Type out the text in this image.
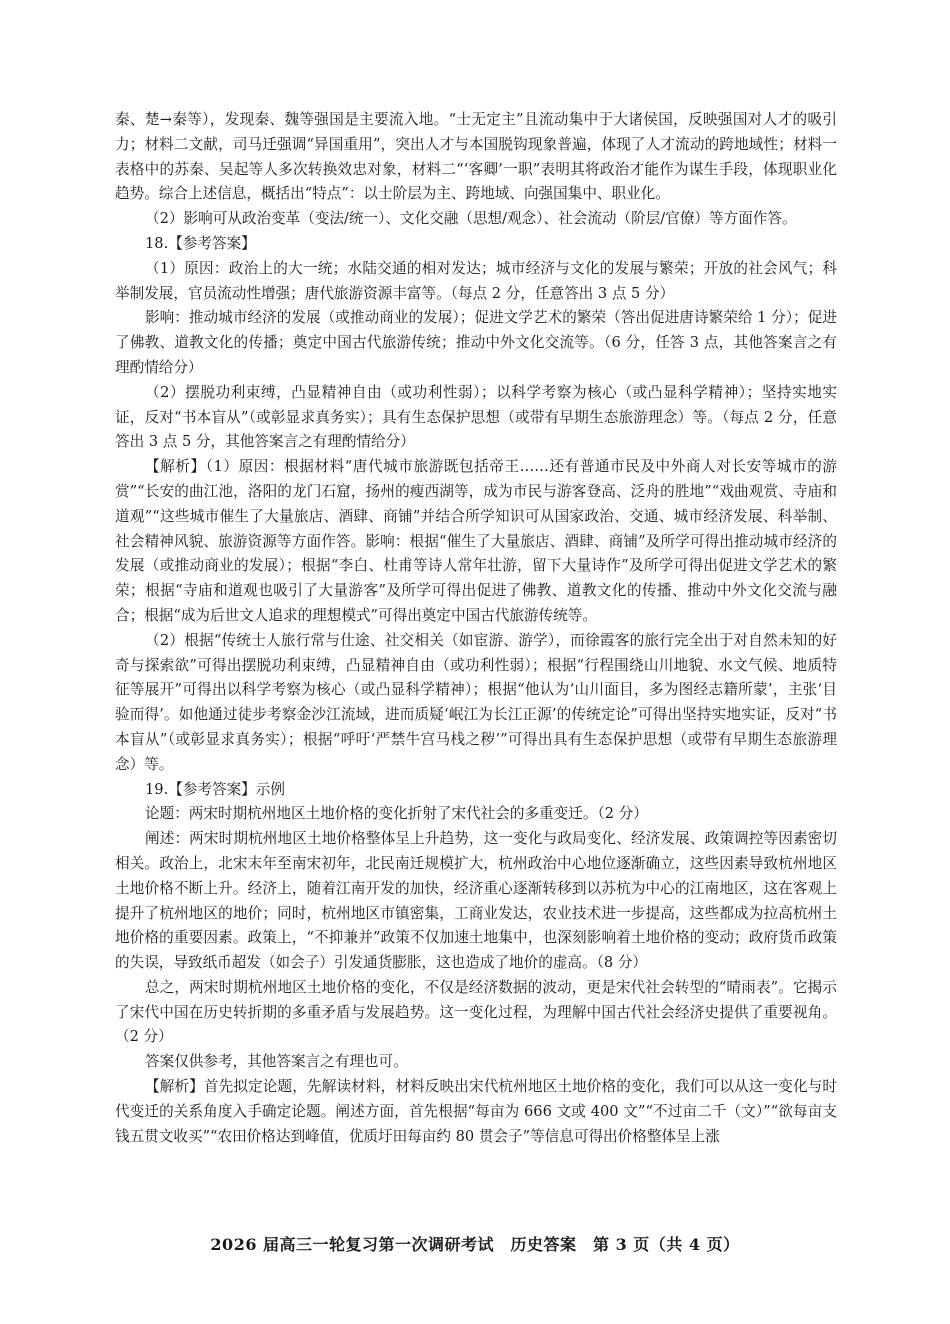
秦、楚→秦等），发现秦、魏等强国是主要流入地。“士无定主”且流动集中于大诸侯国，反映强国对人才的吸引力；材料二文献，司马迁强调“异国重用”，突出人才与本国脱钩现象普遍，体现了人才流动的跨地域性；材料一表格中的苏秦、吴起等人多次转换效忠对象，材料二“‘客卿’一职”表明其将政治才能作为谋生手段，体现职业化趋势。综合上述信息，概括出“特点”：以士阶层为主、跨地域、向强国集中、职业化。

（2）影响可从政治变革（变法/统一）、文化交融（思想/观念）、社会流动（阶层/官僚）等方面作答。

18.【参考答案】

（1）原因：政治上的大一统；水陆交通的相对发达；城市经济与文化的发展与繁荣；开放的社会风气；科举制发展，官员流动性增强；唐代旅游资源丰富等。（每点 2 分，任意答出 3 点 5 分）

影响：推动城市经济的发展（或推动商业的发展）；促进文学艺术的繁荣（答出促进唐诗繁荣给 1 分）；促进了佛教、道教文化的传播；奠定中国古代旅游传统；推动中外文化交流等。（6 分，任答 3 点，其他答案言之有理酌情给分）

（2）摆脱功利束缚，凸显精神自由（或功利性弱）；以科学考察为核心（或凸显科学精神）；坚持实地实证，反对“书本盲从”（或彰显求真务实）；具有生态保护思想（或带有早期生态旅游理念）等。（每点 2 分，任意答出 3 点 5 分，其他答案言之有理酌情给分）

【解析】（1）原因：根据材料“唐代城市旅游既包括帝王……还有普通市民及中外商人对长安等城市的游赏”“长安的曲江池，洛阳的龙门石窟，扬州的瘦西湖等，成为市民与游客登高、泛舟的胜地”“戏曲观赏、寺庙和道观”“这些城市催生了大量旅店、酒肆、商铺”并结合所学知识可从国家政治、交通、城市经济发展、科举制、社会精神风貌、旅游资源等方面作答。影响：根据“催生了大量旅店、酒肆、商铺”及所学可得出推动城市经济的发展（或推动商业的发展）；根据“李白、杜甫等诗人常年壮游，留下大量诗作”及所学可得出促进文学艺术的繁荣；根据“寺庙和道观也吸引了大量游客”及所学可得出促进了佛教、道教文化的传播、推动中外文化交流与融合；根据“成为后世文人追求的理想模式”可得出奠定中国古代旅游传统等。

（2）根据“传统士人旅行常与仕途、社交相关（如宦游、游学），而徐霞客的旅行完全出于对自然未知的好奇与探索欲”可得出摆脱功利束缚，凸显精神自由（或功利性弱）；根据“行程围绕山川地貌、水文气候、地质特征等展开”可得出以科学考察为核心（或凸显科学精神）；根据“他认为‘山川面目，多为图经志籍所蒙’，主张‘目验而得’。如他通过徒步考察金沙江流域，进而质疑‘岷江为长江正源’的传统定论”可得出坚持实地实证，反对“书本盲从”（或彰显求真务实）；根据“呼吁‘严禁牛宫马栈之秽’”可得出具有生态保护思想（或带有早期生态旅游理念）等。

19.【参考答案】示例

论题：两宋时期杭州地区土地价格的变化折射了宋代社会的多重变迁。（2 分）

阐述：两宋时期杭州地区土地价格整体呈上升趋势，这一变化与政局变化、经济发展、政策调控等因素密切相关。政治上，北宋末年至南宋初年，北民南迁规模扩大，杭州政治中心地位逐渐确立，这些因素导致杭州地区土地价格不断上升。经济上，随着江南开发的加快，经济重心逐渐转移到以苏杭为中心的江南地区，这在客观上提升了杭州地区的地价；同时，杭州地区市镇密集，工商业发达，农业技术进一步提高，这些都成为拉高杭州土地价格的重要因素。政策上，“不抑兼并”政策不仅加速土地集中，也深刻影响着土地价格的变动；政府货币政策的失误，导致纸币超发（如会子）引发通货膨胀，这也造成了地价的虚高。（8 分）

总之，两宋时期杭州地区土地价格的变化，不仅是经济数据的波动，更是宋代社会转型的“晴雨表”。它揭示了宋代中国在历史转折期的多重矛盾与发展趋势。这一变化过程，为理解中国古代社会经济史提供了重要视角。（2 分）

答案仅供参考，其他答案言之有理也可。

【解析】首先拟定论题，先解读材料，材料反映出宋代杭州地区土地价格的变化，我们可以从这一变化与时代变迁的关系角度入手确定论题。阐述方面，首先根据“每亩为 666 文或 400 文”“不过亩二千（文）”“欲每亩支钱五贯文收买”“农田价格达到峰值，优质圩田每亩约 80 贯会子”等信息可得出价格整体呈上涨

2026 届高三一轮复习第一次调研考试　历史答案　第 3 页（共 4 页）
